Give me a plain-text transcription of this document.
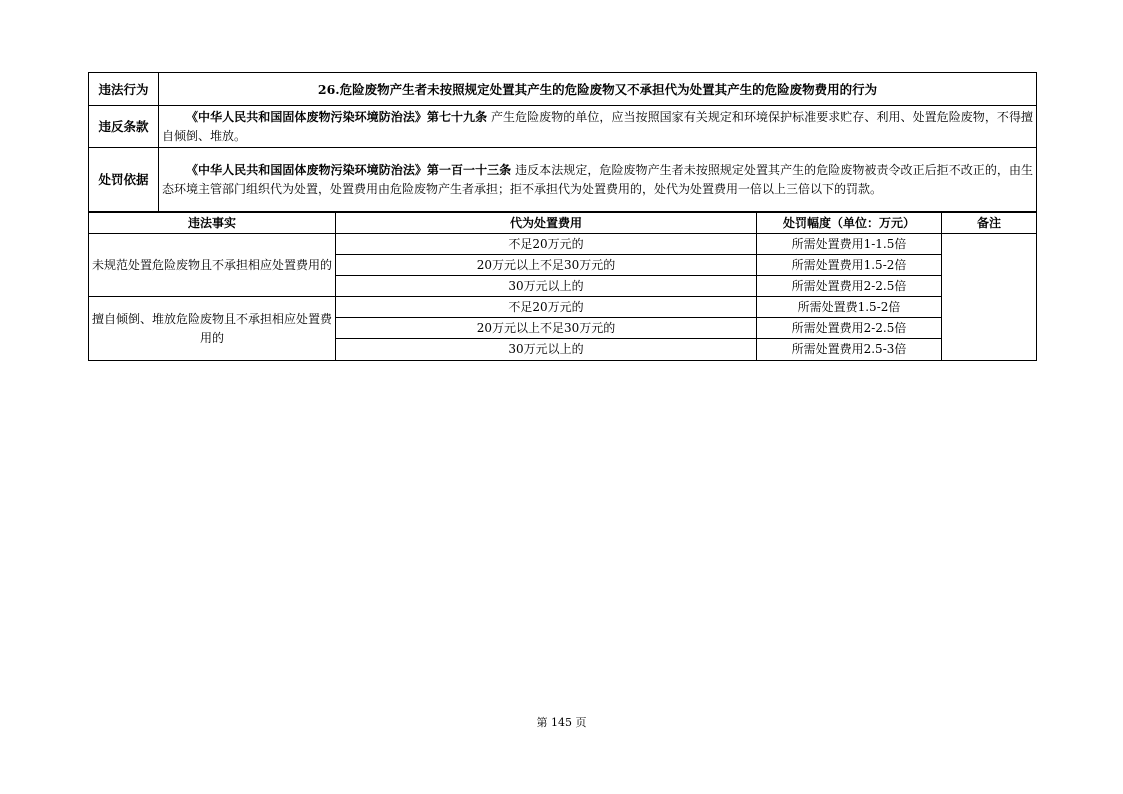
违法行为	26.危险废物产生者未按照规定处置其产生的危险废物又不承担代为处置其产生的危险废物费用的行为
违反条款	《中华人民共和国固体废物污染环境防治法》第七十九条 产生危险废物的单位，应当按照国家有关规定和环境保护标准要求贮存、利用、处置危险废物，不得擅自倾倒、堆放。
处罚依据	《中华人民共和国固体废物污染环境防治法》第一百一十三条 违反本法规定，危险废物产生者未按照规定处置其产生的危险废物被责令改正后拒不改正的，由生态环境主管部门组织代为处置，处置费用由危险废物产生者承担；拒不承担代为处置费用的，处代为处置费用一倍以上三倍以下的罚款。
违法事实	代为处置费用	处罚幅度（单位：万元）	备注
未规范处置危险废物且不承担相应处置费用的	不足20万元的	所需处置费用1-1.5倍	
	20万元以上不足30万元的	所需处置费用1.5-2倍	
	30万元以上的	所需处置费用2-2.5倍	
擅自倾倒、堆放危险废物且不承担相应处置费用的	不足20万元的	所需处置费1.5-2倍	
	20万元以上不足30万元的	所需处置费用2-2.5倍	
	30万元以上的	所需处置费用2.5-3倍	
第 145 页
